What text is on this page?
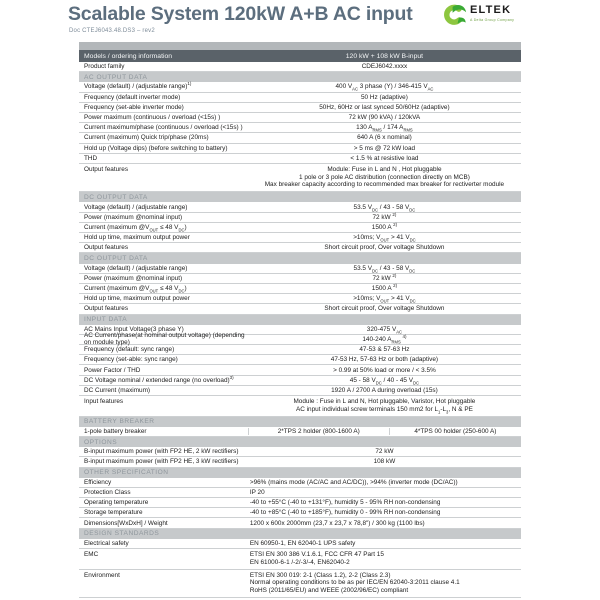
Scalable System 120kW A+B AC input
Doc CTEJ6043.48.DS3 – rev2
ELTEK
A Delta Group Company
Models / ordering information	120 kW + 108 kW B-input
Product family	CDEJ6042.xxxx
AC OUTPUT DATA
Voltage (default) / (adjustable range)$^{1)}$	400 $V_{AC}$ 3 phase (Y) / 346-415 $V_{AC}$
Frequency (default inverter mode)	50 Hz (adaptive)
Frequency (set-able inverter mode)	50Hz, 60Hz or last synced 50/60Hz (adaptive)
Power maximum (continuous / overload (<15s) )	72 kW (90 kVA) / 120kVA
Current maximum/phase (continuous / overload (<15s) )	130 $A_{RMS} / 174$ $A_{RMS}$
Current (maximum) Quick trip/phase (20ms)	640 A (6 x nominal)
Hold up (Voltage dips) (before switching to battery)	> 5 ms @ 72 kW load
THD	< 1.5 % at resistive load
Output features	Module: Fuse in L and N , Hot pluggable
1 pole or 3 pole AC distribution (connection directly on MCB)
Max breaker capacity according to recommended max breaker for rectiverter module
DC OUTPUT DATA
Voltage (default) / (adjustable range)	53.5 $V_{DC} / 43 - 58$ $V_{DC}$
Power (maximum @nominal input)	72 kW $^{2)}$
Current (maximum $@V_{OUT} \le 48$ $V_{DC}$)	1500 A $^{2)}$
Hold up time, maximum output power	>10ms; $V_{OUT} > 41$ $V_{DC}$
Output features	Short circuit proof, Over voltage Shutdown
DC OUTPUT DATA
Voltage (default) / (adjustable range)	53.5 $V_{DC} / 43 - 58$ $V_{DC}$
Power (maximum @nominal input)	72 kW $^{2)}$
Current (maximum $@V_{OUT} \le 48$ $V_{DC}$)	1500 A $^{2)}$
Hold up time, maximum output power	>10ms; $V_{OUT} > 41$ $V_{DC}$
Output features	Short circuit proof, Over voltage Shutdown
INPUT DATA
AC Mains Input Voltage(3 phase Y)	320-475 $V_{AC}$
AC Current/phase(at nominal output voltage) (depending on module type)	140-240 $A_{RMS}$ $^{4)}$
Frequency (default: sync range)	47-53 & 57-63 Hz
Frequency (set-able: sync range)	47-53 Hz, 57-63 Hz or both (adaptive)
Power Factor / THD	> 0.99 at 50% load or more / < 3.5%
DC Voltage nominal / extended range (no overload)$^{3)}$	45 - 58 $V_{DC} / 40 - 45$ $V_{DC}$
DC Current (maximum)	1920 A / 2700 A during overload (15s)
Input features	Module : Fuse in L and N, Hot pluggable, Varistor, Hot pluggable
AC input individual screw terminals 150 mm2 for $L_1-L_3$, N & PE
BATTERY BREAKER
1-pole battery breaker	2*TPS 2 holder (800-1600 A)	4*TPS 00 holder (250-600 A)
OPTIONS
B-input maximum power (with FP2 HE, 2 kW rectifiers)	72 kW
B-input maximum power (with FP2 HE, 3 kW rectifiers)	108 kW
OTHER SPECIFICATION
Efficiency	>96% (mains mode (AC/AC and AC/DC)), >94% (inverter mode (DC/AC))
Protection Class	IP 20
Operating temperature	-40 to +55°C (-40 to +131°F), humidity 5 - 95% RH non-condensing
Storage temperature	-40 to +85°C (-40 to +185°F), humidity 0 - 99% RH non-condensing
Dimensions[WxDxH] / Weight	1200 x 600x 2000mm (23,7 x 23,7 x 78,8") / 300 kg (1100 lbs)
DESIGN STANDARDS
Electrical safety	EN 60950-1, EN 62040-1 UPS safety
EMC	ETSI EN 300 386 V.1.6.1, FCC CFR 47 Part 15
EN 61000-6-1 /-2/-3/-4, EN62040-2
Environment	ETSI EN 300 019: 2-1 (Class 1.2), 2-2 (Class 2.3)
Normal operating conditions to be as per IEC/EN 62040-3:2011 clause 4.1
RoHS (2011/65/EU) and WEEE (2002/96/EC) compliant
